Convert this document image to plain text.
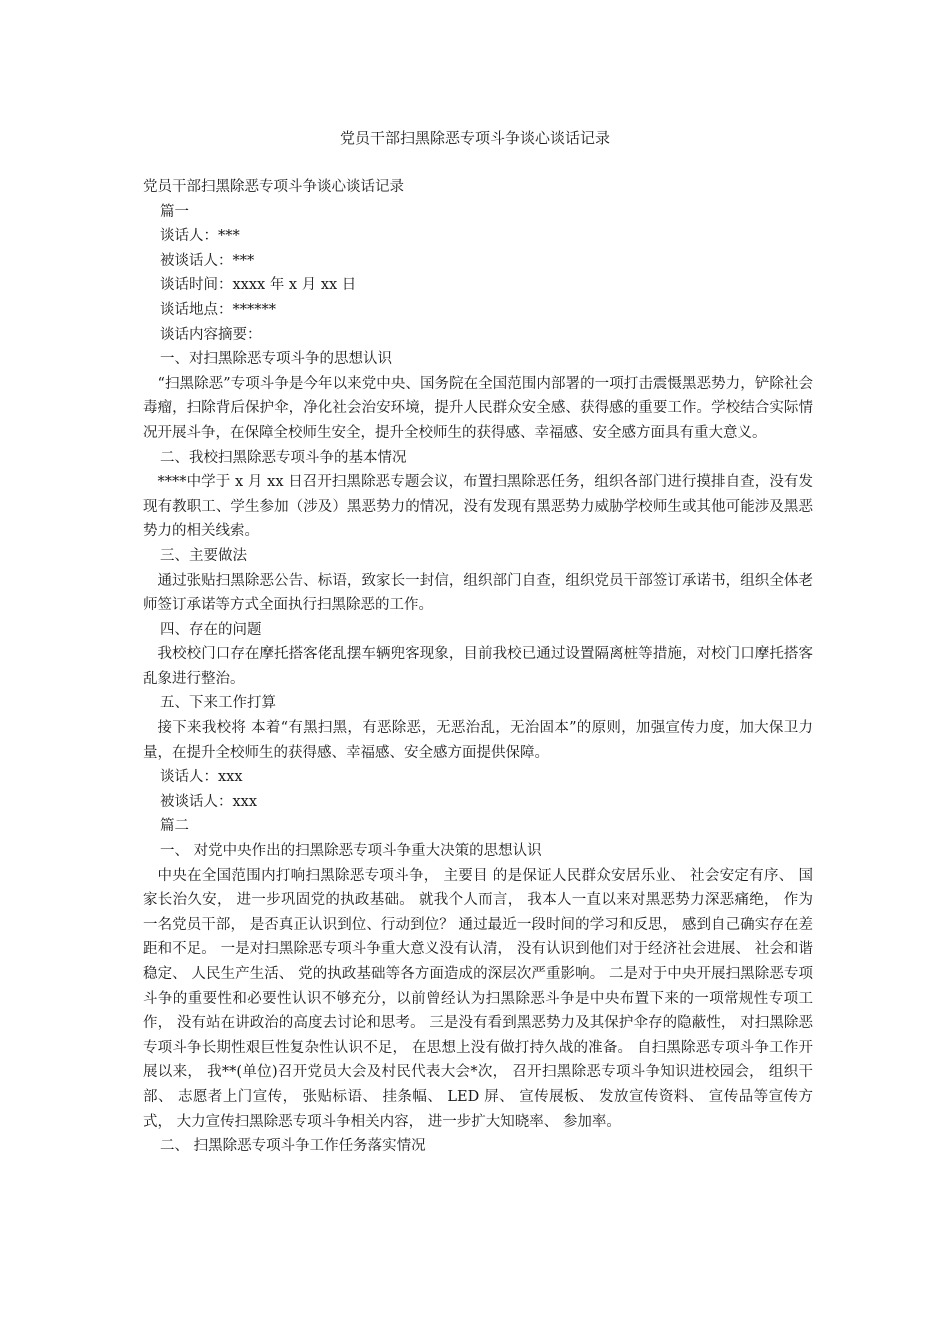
党员干部扫黑除恶专项斗争谈心谈话记录

党员干部扫黑除恶专项斗争谈心谈话记录

篇一

谈话人：***

被谈话人：***

谈话时间：xxxx 年 x 月 xx 日

谈话地点：******

谈话内容摘要：

一、对扫黑除恶专项斗争的思想认识

“扫黑除恶”专项斗争是今年以来党中央、国务院在全国范围内部署的一项打击震慑黑恶势力，铲除社会毒瘤，扫除背后保护伞，净化社会治安环境，提升人民群众安全感、获得感的重要工作。学校结合实际情况开展斗争，在保障全校师生安全，提升全校师生的获得感、幸福感、安全感方面具有重大意义。

二、我校扫黑除恶专项斗争的基本情况

****中学于 x 月 xx 日召开扫黑除恶专题会议，布置扫黑除恶任务，组织各部门进行摸排自查，没有发现有教职工、学生参加（涉及）黑恶势力的情况，没有发现有黑恶势力威胁学校师生或其他可能涉及黑恶势力的相关线索。

三、主要做法

通过张贴扫黑除恶公告、标语，致家长一封信，组织部门自查，组织党员干部签订承诺书，组织全体老师签订承诺等方式全面执行扫黑除恶的工作。

四、存在的问题

我校校门口存在摩托搭客佬乱摆车辆兜客现象，目前我校已通过设置隔离桩等措施，对校门口摩托搭客乱象进行整治。

五、下来工作打算

接下来我校将 本着“有黑扫黑，有恶除恶，无恶治乱，无治固本”的原则，加强宣传力度，加大保卫力量，在提升全校师生的获得感、幸福感、安全感方面提供保障。

谈话人：xxx

被谈话人：xxx

篇二

一、 对党中央作出的扫黑除恶专项斗争重大决策的思想认识

中央在全国范围内打响扫黑除恶专项斗争， 主要目 的是保证人民群众安居乐业、 社会安定有序、 国家长治久安， 进一步巩固党的执政基础。 就我个人而言， 我本人一直以来对黑恶势力深恶痛绝， 作为一名党员干部， 是否真正认识到位、行动到位？ 通过最近一段时间的学习和反思， 感到自己确实存在差距和不足。 一是对扫黑除恶专项斗争重大意义没有认清， 没有认识到他们对于经济社会进展、 社会和谐稳定、 人民生产生活、 党的执政基础等各方面造成的深层次严重影响。 二是对于中央开展扫黑除恶专项斗争的重要性和必要性认识不够充分，以前曾经认为扫黑除恶斗争是中央布置下来的一项常规性专项工作， 没有站在讲政治的高度去讨论和思考。 三是没有看到黑恶势力及其保护伞存的隐蔽性， 对扫黑除恶专项斗争长期性艰巨性复杂性认识不足， 在思想上没有做打持久战的准备。 自扫黑除恶专项斗争工作开展以来， 我**(单位)召开党员大会及村民代表大会*次， 召开扫黑除恶专项斗争知识进校园会， 组织干部、 志愿者上门宣传， 张贴标语、 挂条幅、 LED 屏、 宣传展板、 发放宣传资料、 宣传品等宣传方式， 大力宣传扫黑除恶专项斗争相关内容， 进一步扩大知晓率、 参加率。

二、 扫黑除恶专项斗争工作任务落实情况
